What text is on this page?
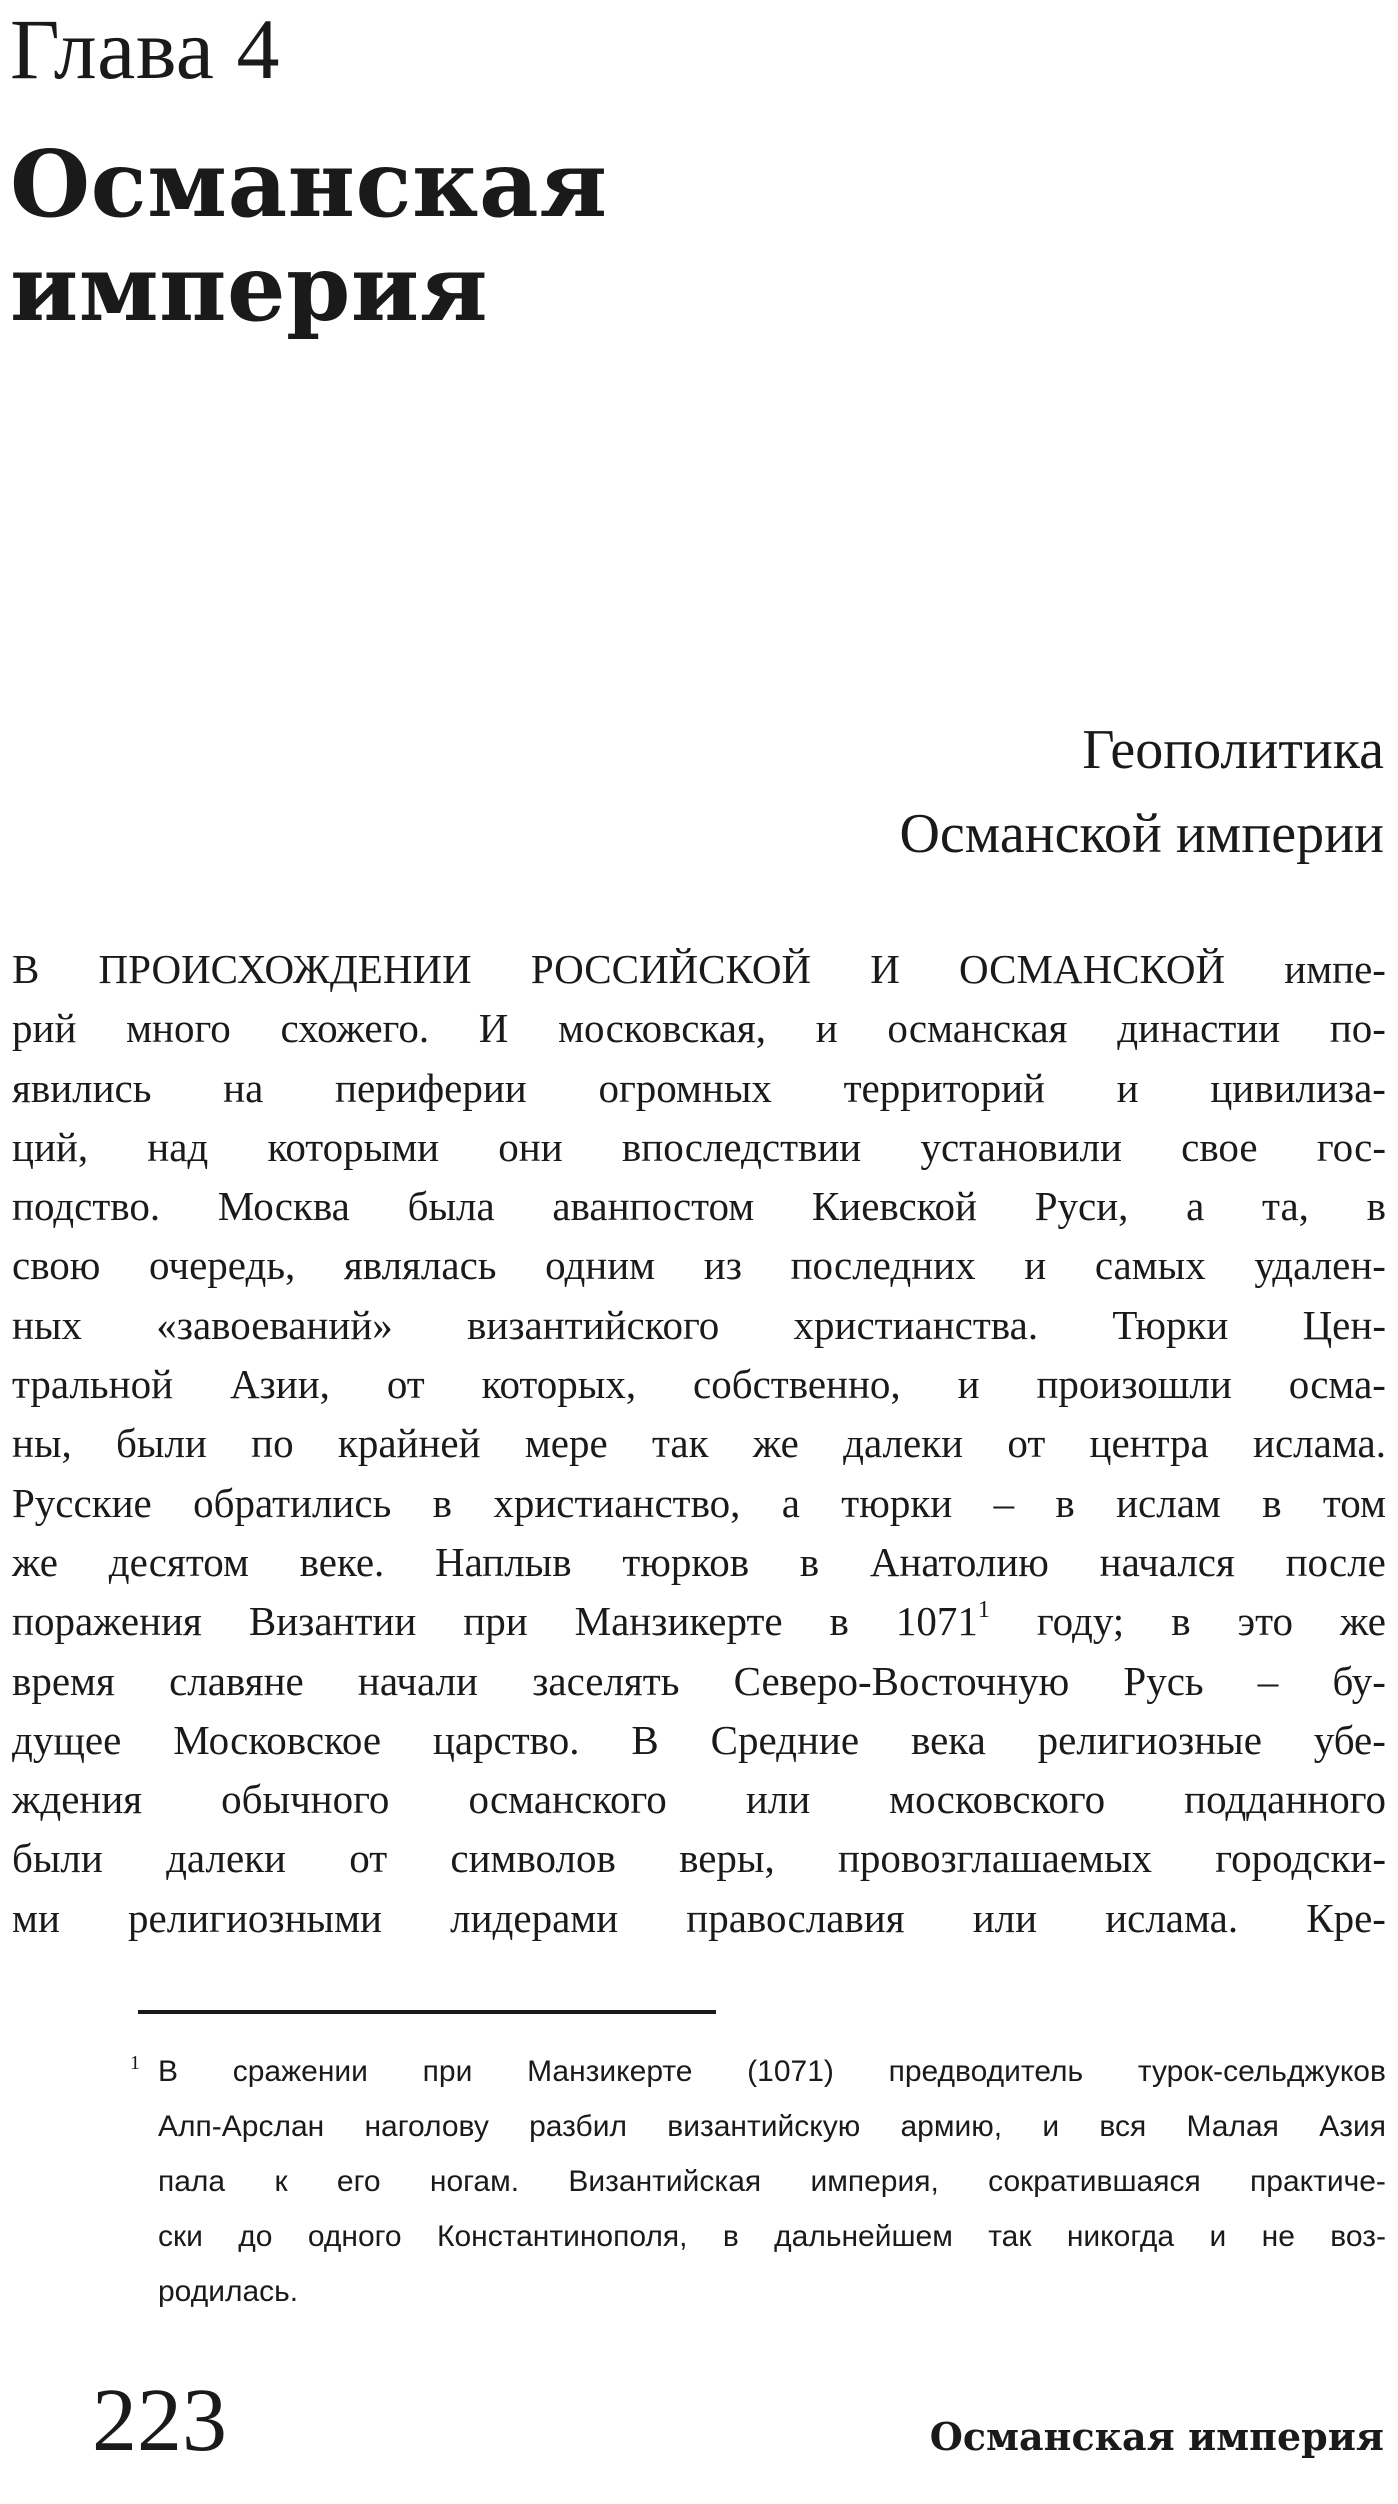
Глава 4
Османская
империя
Геополитика
Османской империи
В ПРОИСХОЖДЕНИИ РОССИЙСКОЙ И ОСМАНСКОЙ импе-
рий много схожего. И московская, и османская династии по-
явились на периферии огромных территорий и цивилиза-
ций, над которыми они впоследствии установили свое гос-
подство. Москва была аванпостом Киевской Руси, а та, в
свою очередь, являлась одним из последних и самых удален-
ных «завоеваний» византийского христианства. Тюрки Цен-
тральной Азии, от которых, собственно, и произошли осма-
ны, были по крайней мере так же далеки от центра ислама.
Русские обратились в христианство, а тюрки – в ислам в том
же десятом веке. Наплыв тюрков в Анатолию начался после
поражения Византии при Манзикерте в 1071$^1$ году; в это же
время славяне начали заселять Северо-Восточную Русь – бу-
дущее Московское царство. В Средние века религиозные убе-
ждения обычного османского или московского подданного
были далеки от символов веры, провозглашаемых городски-
ми религиозными лидерами православия или ислама. Кре-
1 В сражении при Манзикерте (1071) предводитель турок-сельджуков
Алп-Арслан наголову разбил византийскую армию, и вся Малая Азия
пала к его ногам. Византийская империя, сократившаяся практиче-
ски до одного Константинополя, в дальнейшем так никогда и не воз-
родилась.
223	Османская империя
